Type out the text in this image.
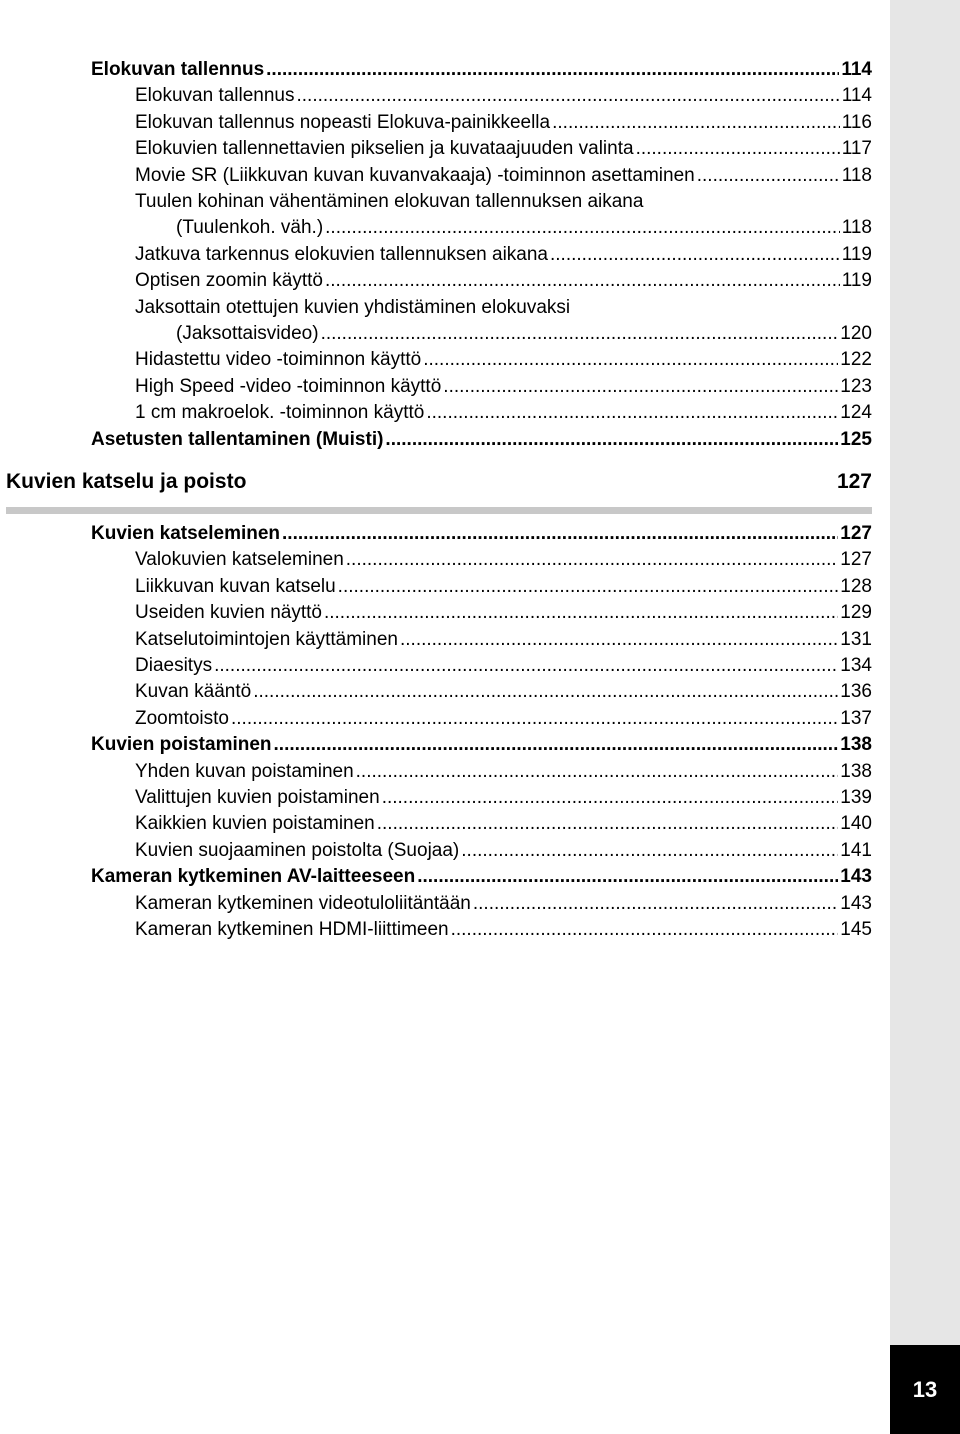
13
Elokuvan tallennus .....	114
Elokuvan tallennus .....	114
Elokuvan tallennus nopeasti Elokuva-painikkeella .....	116
Elokuvien tallennettavien pikselien ja kuvataajuuden valinta .....	117
Movie SR (Liikkuvan kuvan kuvanvakaaja) -toiminnon asettaminen .....	118
Tuulen kohinan vähentäminen elokuvan tallennuksen aikana
(Tuulenkoh. väh.) .....	118
Jatkuva tarkennus elokuvien tallennuksen aikana .....	119
Optisen zoomin käyttö .....	119
Jaksottain otettujen kuvien yhdistäminen elokuvaksi
(Jaksottaisvideo) .....	120
Hidastettu video -toiminnon käyttö .....	122
High Speed -video -toiminnon käyttö .....	123
1 cm makroelok. -toiminnon käyttö .....	124
Asetusten tallentaminen (Muisti) .....	125
Kuvien katseleminen .....	127
Valokuvien katseleminen .....	127
Liikkuvan kuvan katselu .....	128
Useiden kuvien näyttö .....	129
Katselutoimintojen käyttäminen .....	131
Diaesitys .....	134
Kuvan kääntö .....	136
Zoomtoisto .....	137
Kuvien poistaminen .....	138
Yhden kuvan poistaminen .....	138
Valittujen kuvien poistaminen .....	139
Kaikkien kuvien poistaminen .....	140
Kuvien suojaaminen poistolta (Suojaa) .....	141
Kameran kytkeminen AV-laitteeseen .....	143
Kameran kytkeminen videotuloliitäntään .....	143
Kameran kytkeminen HDMI-liittimeen .....	145
Kuvien katselu ja poisto	127
